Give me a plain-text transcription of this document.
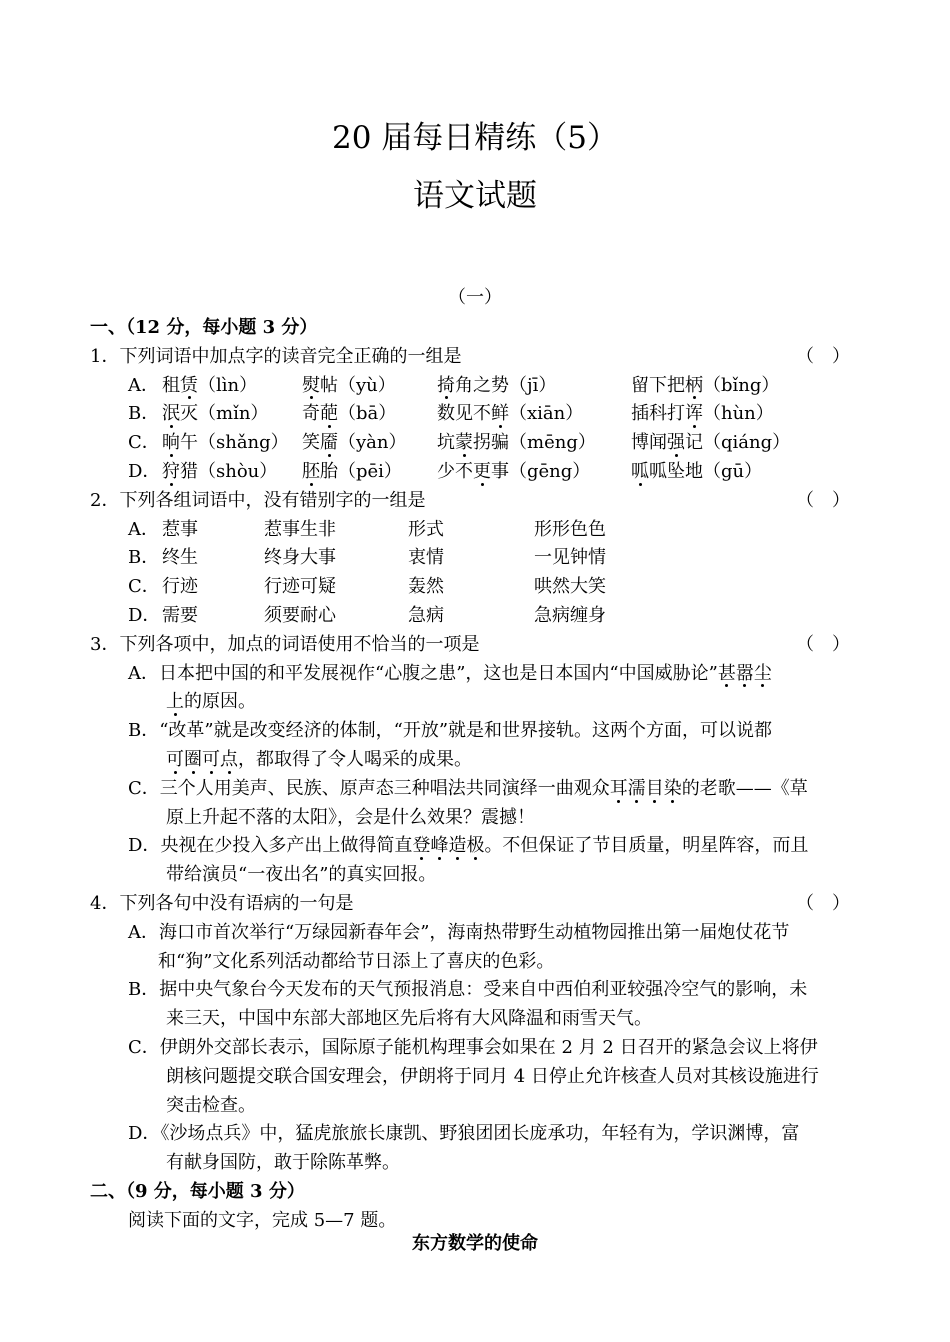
20 届每日精练（5）
语文试题
（一）
一、（12 分，每小题 3 分）
1．下列词语中加点字的读音完全正确的一组是	（　）
A． 租赁（lìn） 熨帖（yù） 掎角之势（jī）	留下把柄（bǐng）
B． 泯灭（mǐn） 奇葩（bā） 数见不鲜（xiān）	插科打诨（hùn）
C． 晌午（shǎng） 笑靥（yàn） 坑蒙拐骗（mēng） 博闻强记（qiáng）
D． 狩猎（shòu） 胚胎（pēi） 少不更事（gēng） 呱呱坠地（gū）
2．下列各组词语中，没有错别字的一组是	（　）
A． 惹事	惹事生非	形式	形形色色
B． 终生	终身大事	衷情	一见钟情
C． 行迹	行迹可疑	轰然	哄然大笑
D． 需要	须要耐心	急病	急病缠身
3．下列各项中，加点的词语使用不恰当的一项是	（　）
A．日本把中国的和平发展视作“心腹之患”，这也是日本国内“中国威胁论”甚嚣尘
上的原因。
B．“改革”就是改变经济的体制，“开放”就是和世界接轨。这两个方面，可以说都
可圈可点，都取得了令人喝采的成果。
C．三个人用美声、民族、原声态三种唱法共同演绎一曲观众耳濡目染的老歌——《草
原上升起不落的太阳》，会是什么效果？震撼！
D．央视在少投入多产出上做得简直登峰造极。不但保证了节目质量，明星阵容，而且
带给演员“一夜出名”的真实回报。
4．下列各句中没有语病的一句是	（　）
A．海口市首次举行“万绿园新春年会”，海南热带野生动植物园推出第一届炮仗花节
和“狗”文化系列活动都给节日添上了喜庆的色彩。
B．据中央气象台今天发布的天气预报消息：受来自中西伯利亚较强冷空气的影响，未
来三天，中国中东部大部地区先后将有大风降温和雨雪天气。
C．伊朗外交部长表示，国际原子能机构理事会如果在 2 月 2 日召开的紧急会议上将伊
朗核问题提交联合国安理会，伊朗将于同月 4 日停止允许核查人员对其核设施进行
突击检查。
D．《沙场点兵》中，猛虎旅旅长康凯、野狼团团长庞承功，年轻有为，学识渊博，富
有献身国防，敢于除陈革弊。
二、（9 分，每小题 3 分）
阅读下面的文字，完成 5—7 题。
东方数学的使命
